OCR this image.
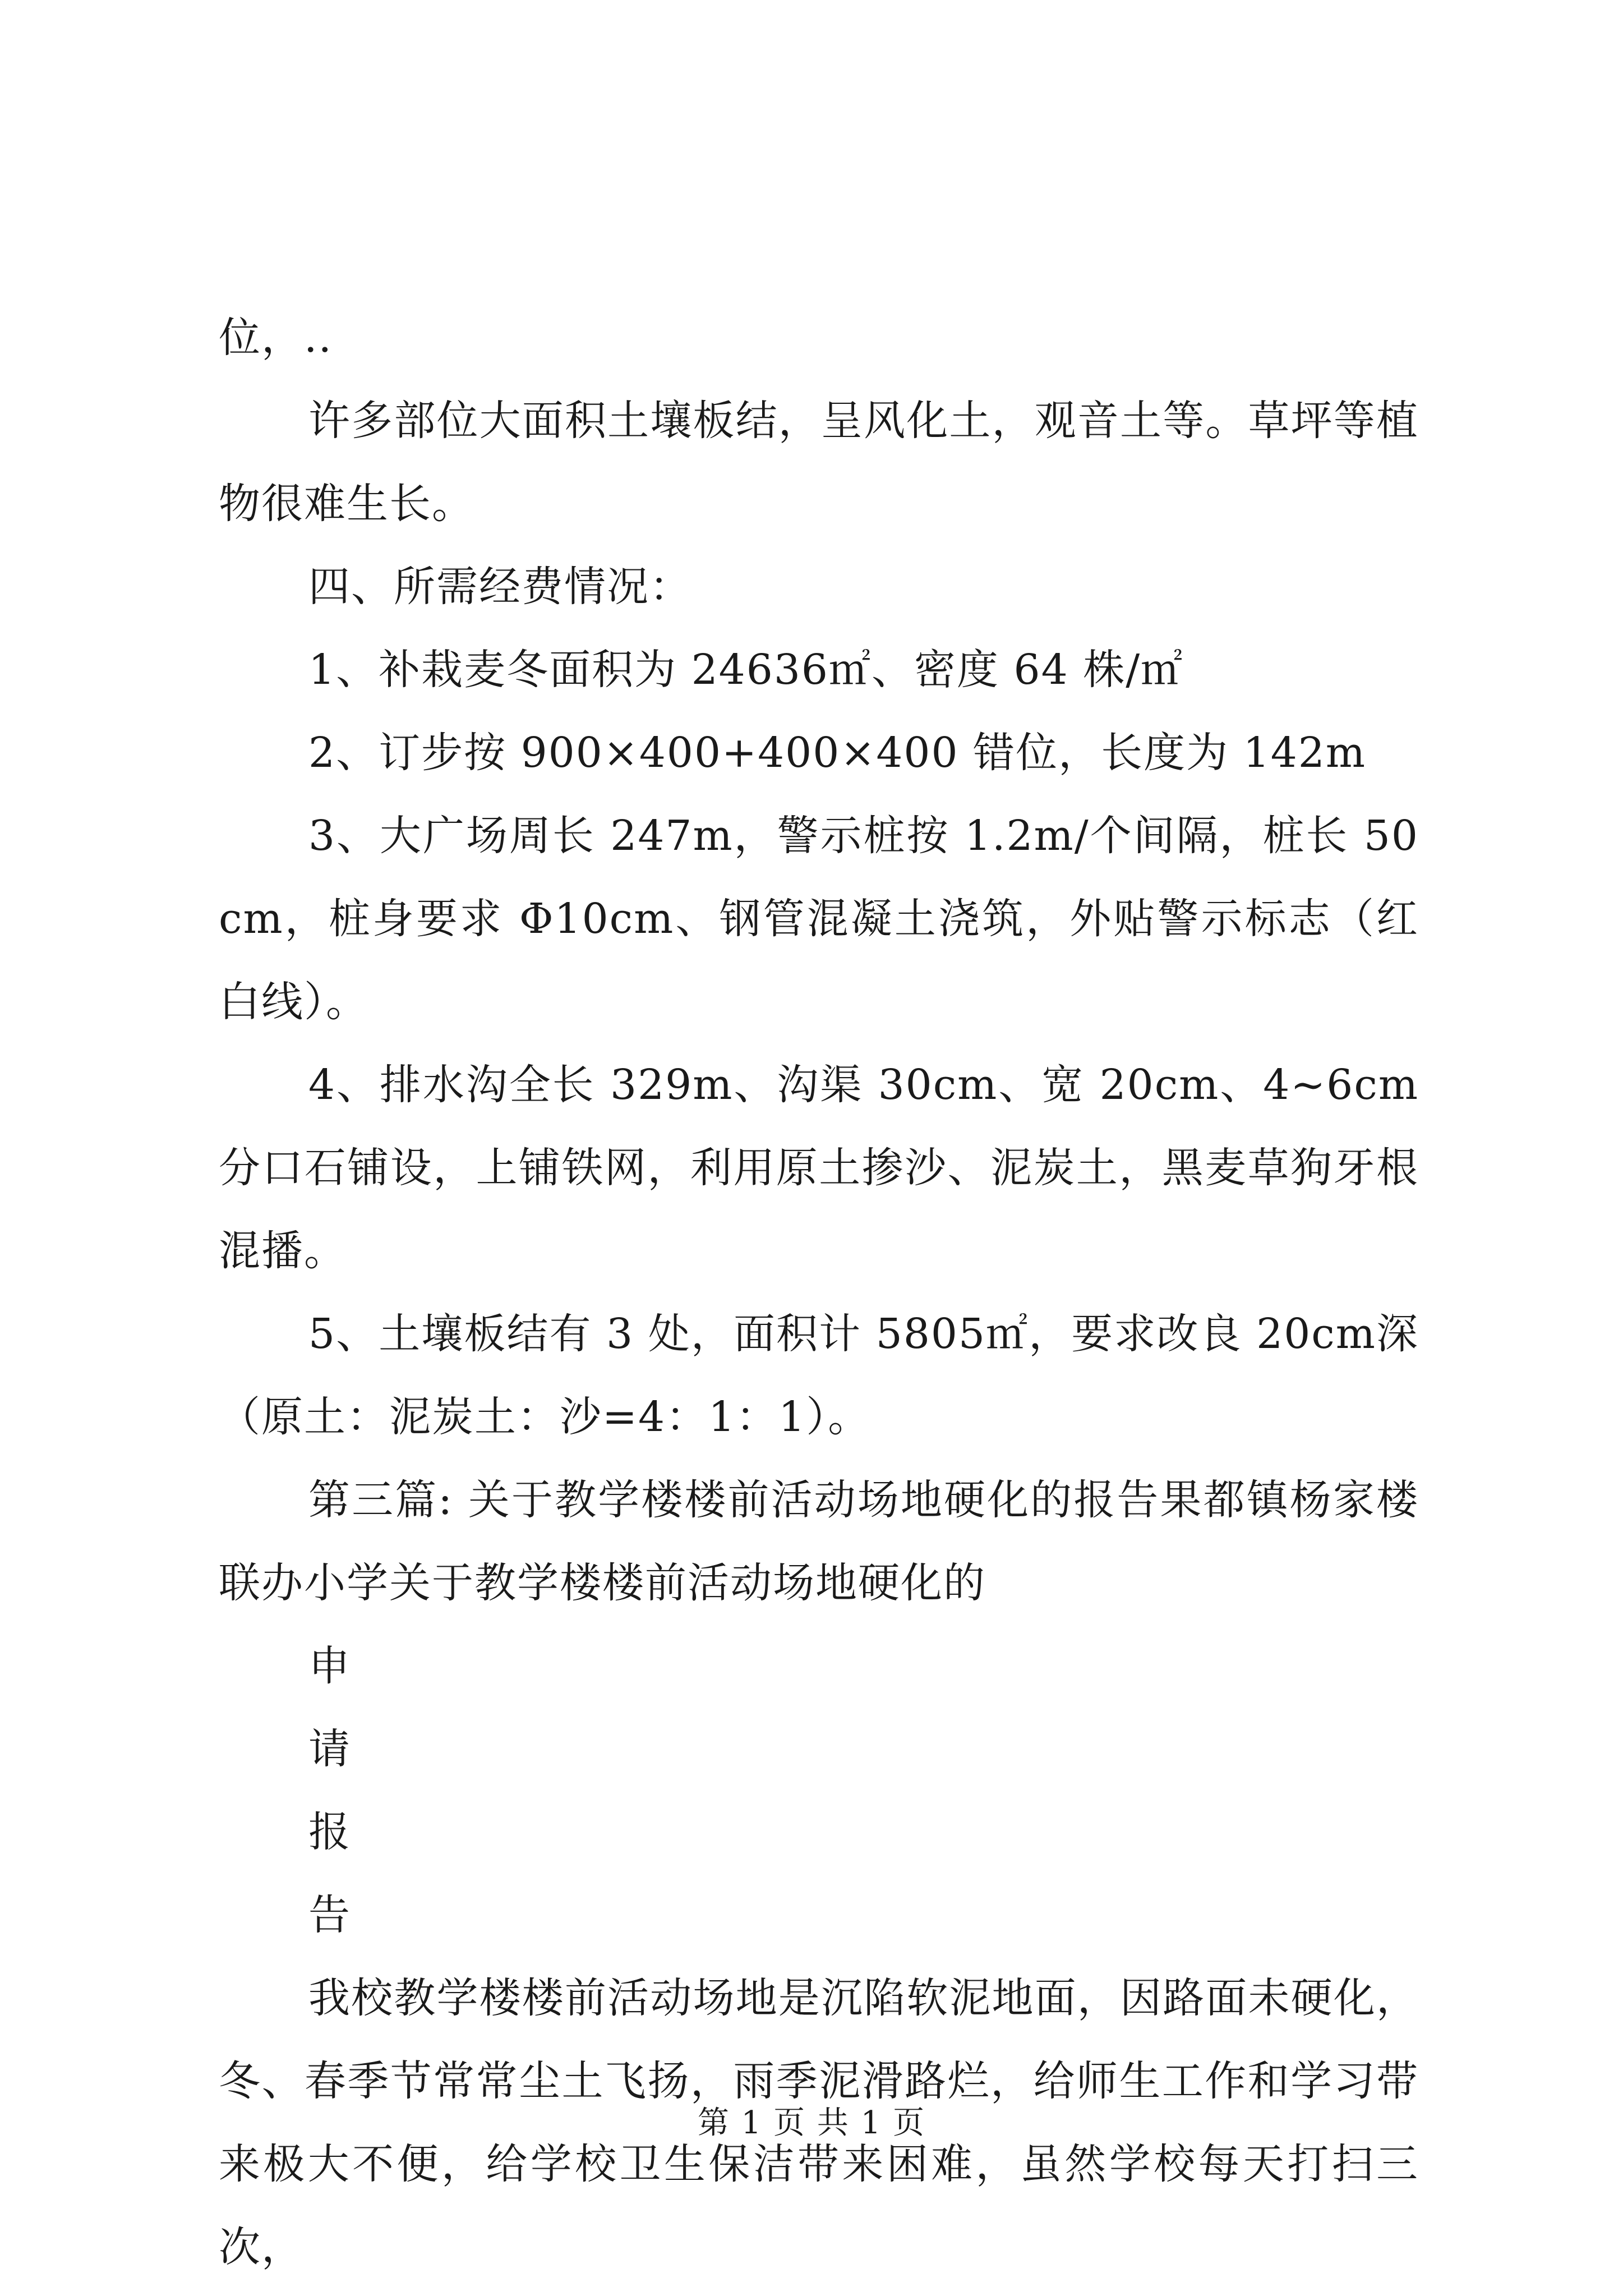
位，..

许多部位大面积土壤板结，呈风化土，观音土等。草坪等植物很难生长。

四、所需经费情况：

1、补栽麦冬面积为 24636㎡、密度 64 株/㎡

2、订步按 900×400+400×400 错位，长度为 142m

3、大广场周长 247m，警示桩按 1.2m/个间隔，桩长 50cm，桩身要求 Φ10cm、钢管混凝土浇筑，外贴警示标志（红白线）。

4、排水沟全长 329m、沟渠 30cm、宽 20cm、4~6cm分口石铺设，上铺铁网，利用原土掺沙、泥炭土，黑麦草狗牙根混播。

5、土壤板结有 3 处，面积计 5805㎡，要求改良 20cm深（原土：泥炭土：沙=4：1：1）。

第三篇: 关于教学楼楼前活动场地硬化的报告果都镇杨家楼联办小学关于教学楼楼前活动场地硬化的

申

请

报

告

我校教学楼楼前活动场地是沉陷软泥地面，因路面未硬化，冬、春季节常常尘土飞扬，雨季泥滑路烂，给师生工作和学习带来极大不便，给学校卫生保洁带来困难，虽然学校每天打扫三次，

第 1 页 共 1 页
